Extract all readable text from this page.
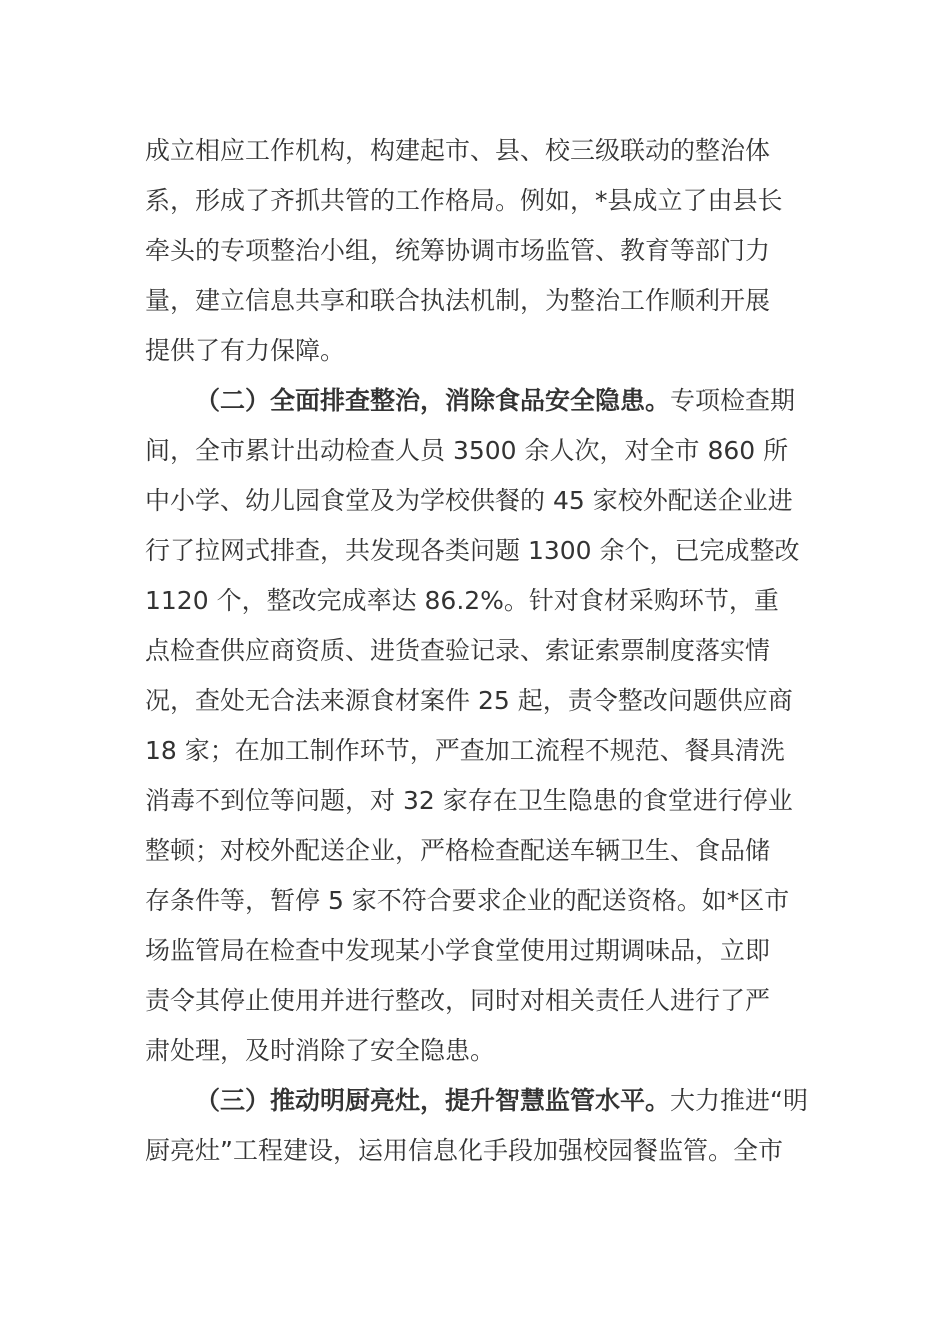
成立相应工作机构，构建起市、县、校三级联动的整治体
系，形成了齐抓共管的工作格局。例如，*县成立了由县长
牵头的专项整治小组，统筹协调市场监管、教育等部门力
量，建立信息共享和联合执法机制，为整治工作顺利开展
提供了有力保障。
（二）全面排查整治，消除食品安全隐患。专项检查期
间，全市累计出动检查人员 3500 余人次，对全市 860 所
中小学、幼儿园食堂及为学校供餐的 45 家校外配送企业进
行了拉网式排查，共发现各类问题 1300 余个，已完成整改
1120 个，整改完成率达 86.2%。针对食材采购环节，重
点检查供应商资质、进货查验记录、索证索票制度落实情
况，查处无合法来源食材案件 25 起，责令整改问题供应商
18 家；在加工制作环节，严查加工流程不规范、餐具清洗
消毒不到位等问题，对 32 家存在卫生隐患的食堂进行停业
整顿；对校外配送企业，严格检查配送车辆卫生、食品储
存条件等，暂停 5 家不符合要求企业的配送资格。如*区市
场监管局在检查中发现某小学食堂使用过期调味品，立即
责令其停止使用并进行整改，同时对相关责任人进行了严
肃处理，及时消除了安全隐患。
（三）推动明厨亮灶，提升智慧监管水平。大力推进“明
厨亮灶”工程建设，运用信息化手段加强校园餐监管。全市
